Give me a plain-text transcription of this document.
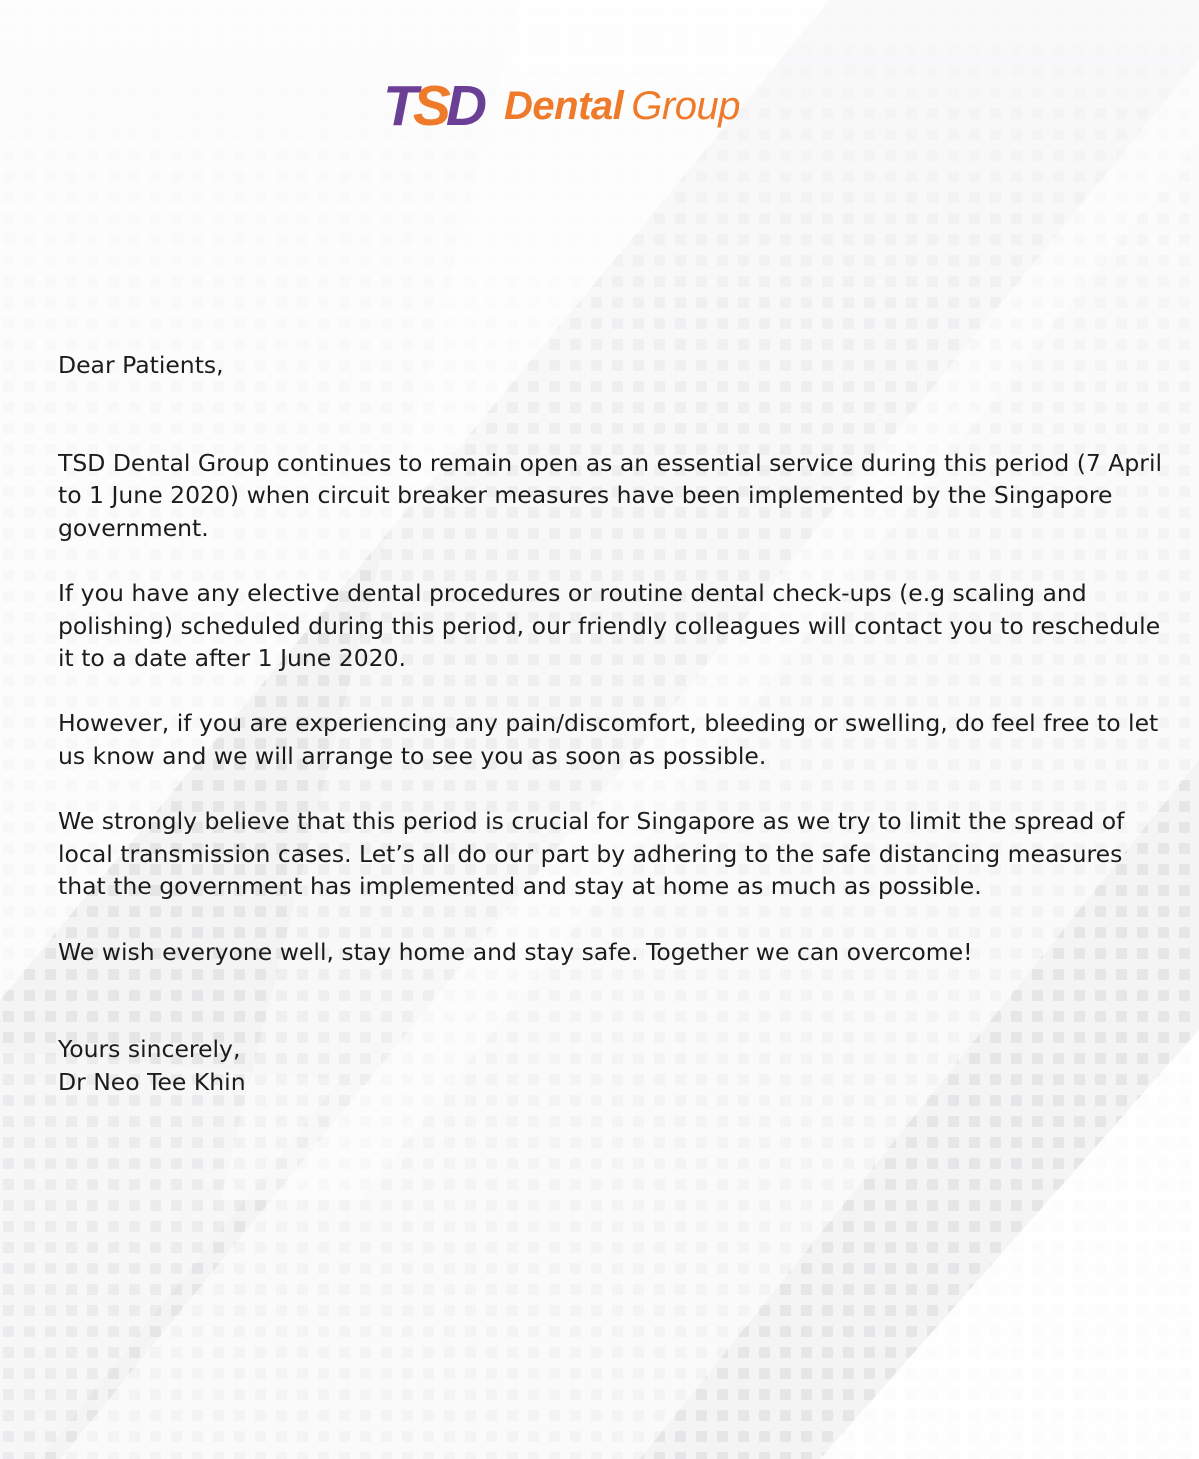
TSD Dental Group

Dear Patients,

TSD Dental Group continues to remain open as an essential service during this period (7 April to 1 June 2020) when circuit breaker measures have been implemented by the Singapore government.

If you have any elective dental procedures or routine dental check-ups (e.g scaling and polishing) scheduled during this period, our friendly colleagues will contact you to reschedule it to a date after 1 June 2020.

However, if you are experiencing any pain/discomfort, bleeding or swelling, do feel free to let us know and we will arrange to see you as soon as possible.

We strongly believe that this period is crucial for Singapore as we try to limit the spread of local transmission cases. Let’s all do our part by adhering to the safe distancing measures that the government has implemented and stay at home as much as possible.

We wish everyone well, stay home and stay safe. Together we can overcome!

Yours sincerely,

Dr Neo Tee Khin
